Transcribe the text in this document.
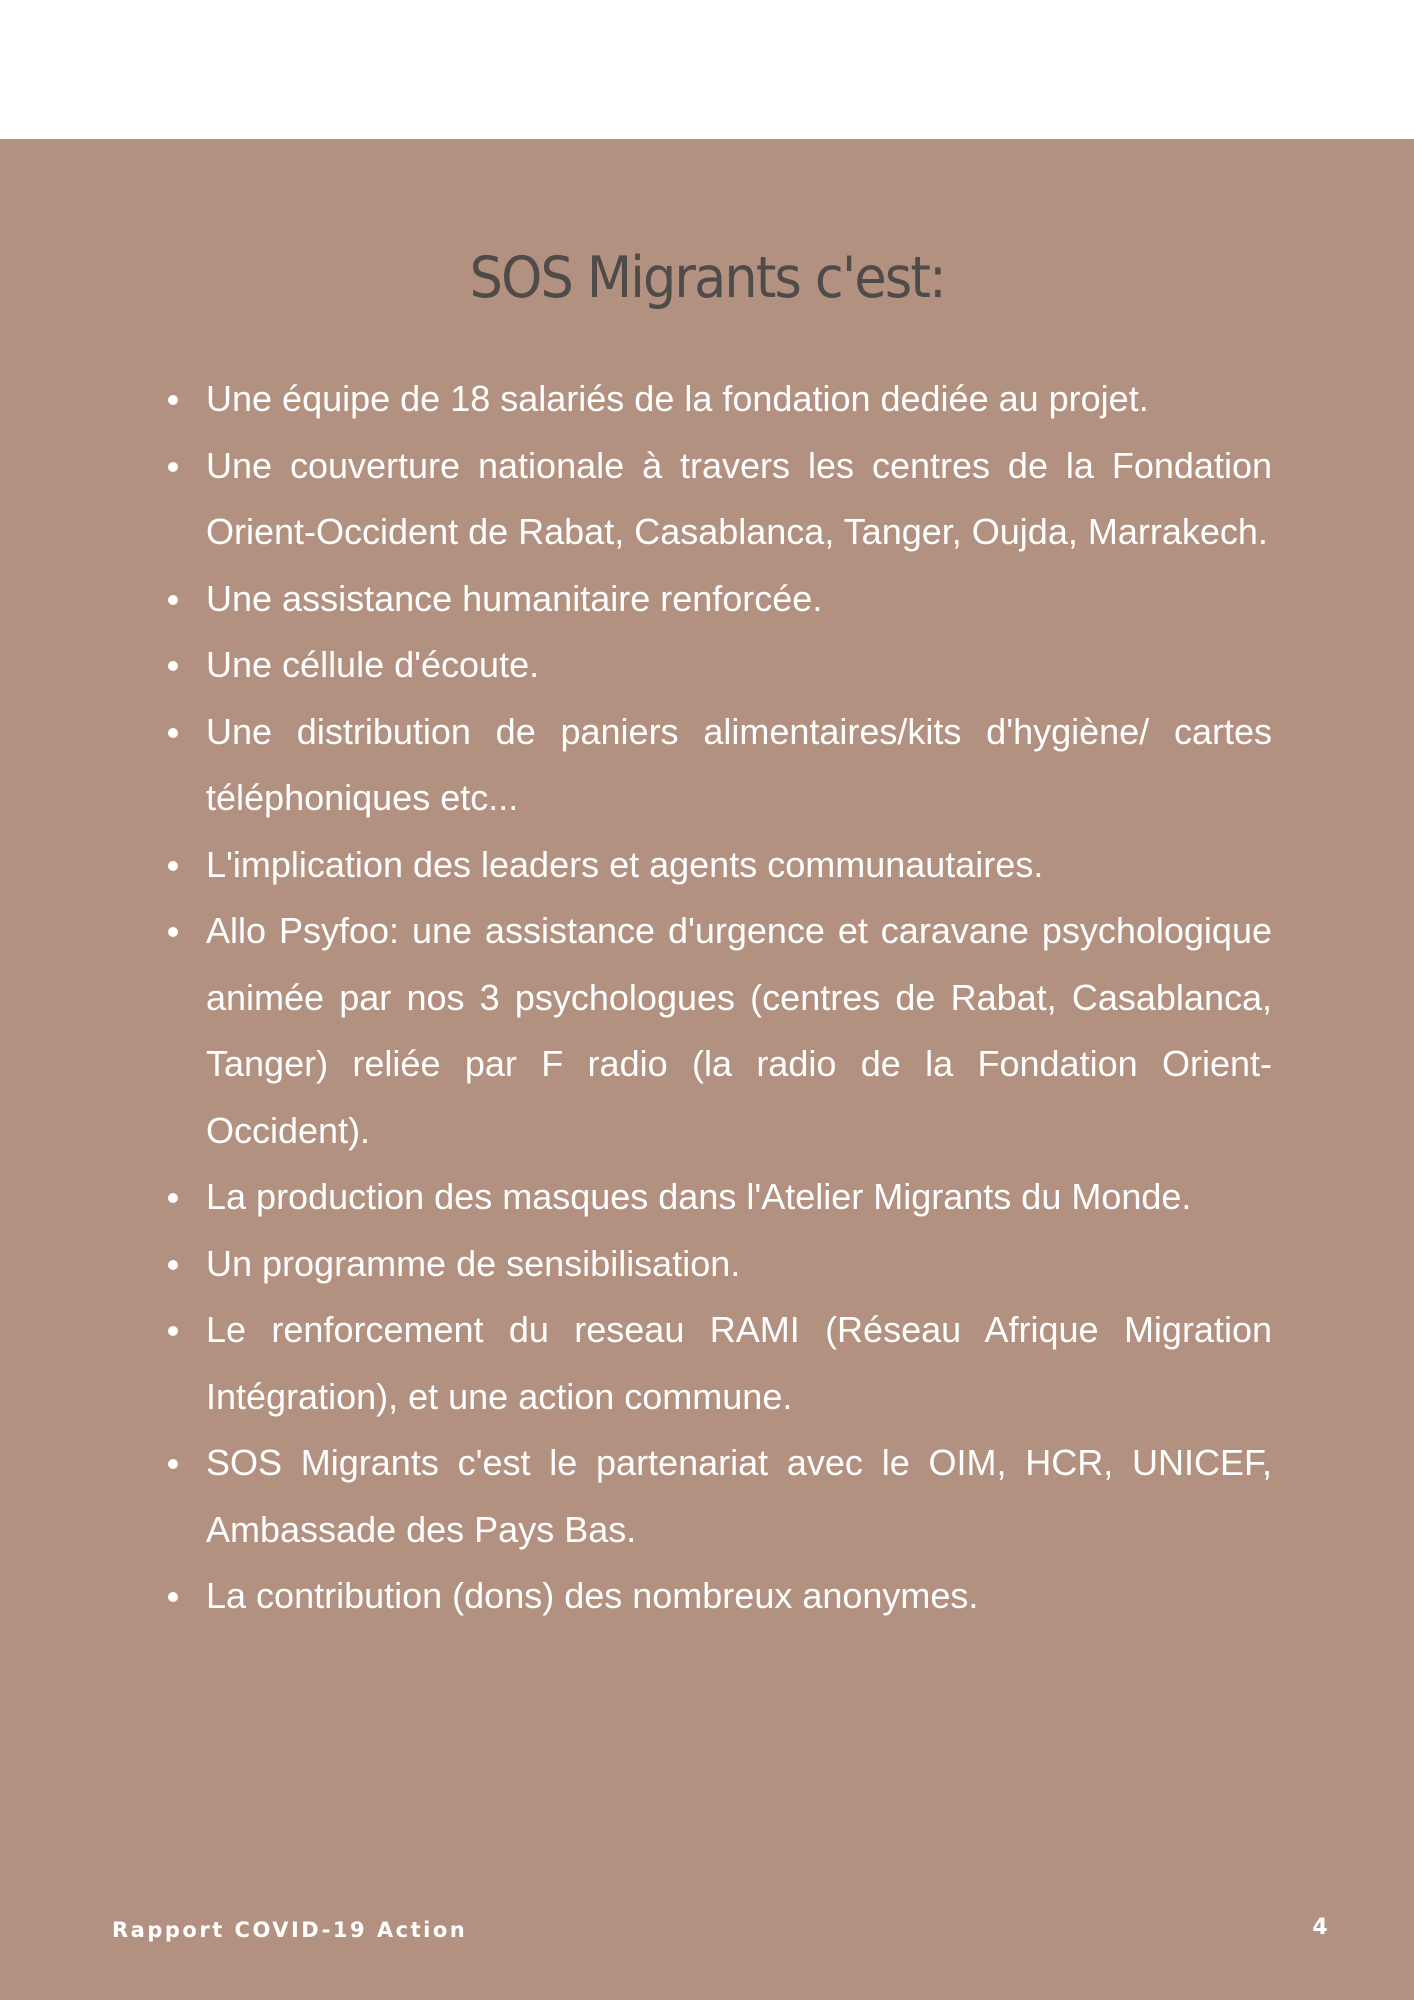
SOS Migrants c'est:
Une équipe de 18 salariés de la fondation dediée au projet.
Une couverture nationale à travers les centres de la Fondation Orient-Occident de Rabat, Casablanca, Tanger, Oujda, Marrakech.
Une assistance humanitaire renforcée.
Une céllule d'écoute.
Une distribution de paniers alimentaires/kits d'hygiène/ cartes téléphoniques etc...
L'implication des leaders et agents communautaires.
Allo Psyfoo: une assistance d'urgence et caravane psychologique animée par nos 3 psychologues (centres de Rabat, Casablanca, Tanger) reliée par F radio (la radio de la Fondation Orient-Occident).
La production des masques dans l'Atelier Migrants du Monde.
Un programme de sensibilisation.
Le renforcement du reseau RAMI (Réseau Afrique Migration Intégration), et une action commune.
SOS Migrants c'est le partenariat avec le OIM, HCR, UNICEF, Ambassade des Pays Bas.
La contribution (dons) des nombreux anonymes.
Rapport COVID-19 Action	4
